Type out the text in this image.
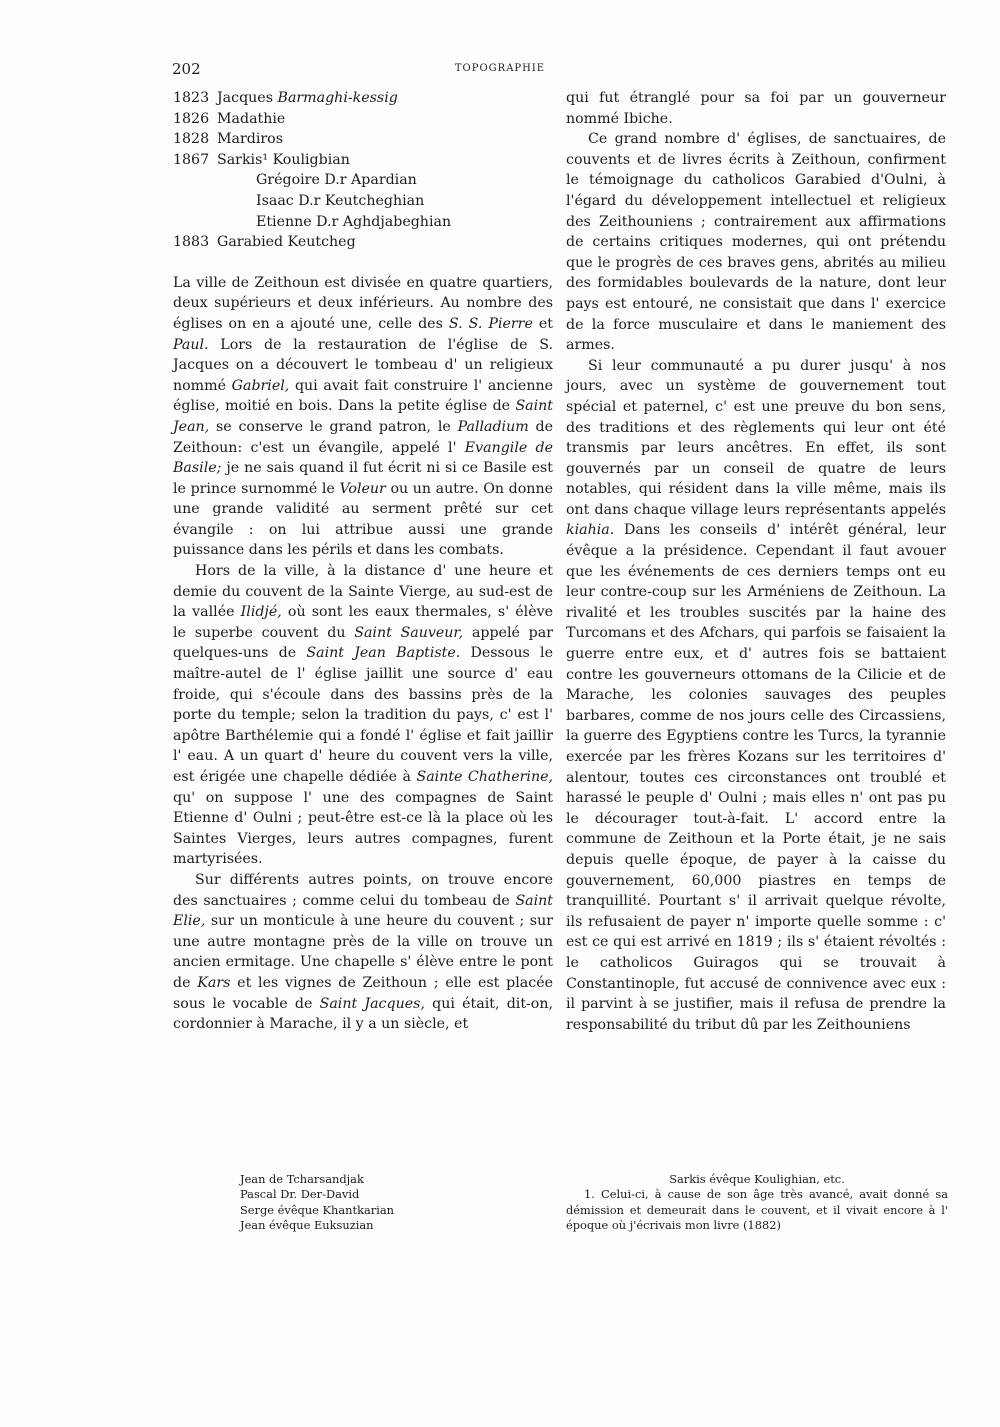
202	TOPOGRAPHIE
1823 Jacques Barmaghi-kessig
1826 Madathie
1828 Mardiros
1867 Sarkis¹ Kouligbian
Grégoire D.r Apardian
Isaac D.r Keutcheghian
Etienne D.r Aghdjabeghian
1883 Garabied Keutcheg

La ville de Zeithoun est divisée en quatre quartiers, deux supérieurs et deux inférieurs. Au nombre des églises on en a ajouté une, celle des S. S. Pierre et Paul. Lors de la restauration de l'église de S. Jacques on a découvert le tombeau d' un religieux nommé Gabriel, qui avait fait construire l' ancienne église, moitié en bois. Dans la petite église de Saint Jean, se conserve le grand patron, le Palladium de Zeithoun: c'est un évangile, appelé l' Evangile de Basile; je ne sais quand il fut écrit ni si ce Basile est le prince surnommé le Voleur ou un autre. On donne une grande validité au serment prêté sur cet évangile : on lui attribue aussi une grande puissance dans les périls et dans les combats.

Hors de la ville, à la distance d' une heure et demie du couvent de la Sainte Vierge, au sud-est de la vallée Ilidjé, où sont les eaux thermales, s' élève le superbe couvent du Saint Sauveur, appelé par quelques-uns de Saint Jean Baptiste. Dessous le maître-autel de l' église jaillit une source d' eau froide, qui s'écoule dans des bassins près de la porte du temple; selon la tradition du pays, c' est l' apôtre Barthélemie qui a fondé l' église et fait jaillir l' eau. A un quart d' heure du couvent vers la ville, est érigée une chapelle dédiée à Sainte Chatherine, qu' on suppose l' une des compagnes de Saint Etienne d' Oulni ; peut-être est-ce là la place où les Saintes Vierges, leurs autres compagnes, furent martyrisées.

Sur différents autres points, on trouve encore des sanctuaires ; comme celui du tombeau de Saint Elie, sur un monticule à une heure du couvent ; sur une autre montagne près de la ville on trouve un ancien ermitage. Une chapelle s' élève entre le pont de Kars et les vignes de Zeithoun ; elle est placée sous le vocable de Saint Jacques, qui était, dit-on, cordonnier à Marache, il y a un siècle, et

qui fut étranglé pour sa foi par un gouverneur nommé Ibiche.

Ce grand nombre d' églises, de sanctuaires, de couvents et de livres écrits à Zeithoun, confirment le témoignage du catholicos Garabied d'Oulni, à l'égard du développement intellectuel et religieux des Zeithouniens ; contrairement aux affirmations de certains critiques modernes, qui ont prétendu que le progrès de ces braves gens, abrités au milieu des formidables boulevards de la nature, dont leur pays est entouré, ne consistait que dans l' exercice de la force musculaire et dans le maniement des armes.

Si leur communauté a pu durer jusqu' à nos jours, avec un système de gouvernement tout spécial et paternel, c' est une preuve du bon sens, des traditions et des règlements qui leur ont été transmis par leurs ancêtres. En effet, ils sont gouvernés par un conseil de quatre de leurs notables, qui résident dans la ville même, mais ils ont dans chaque village leurs représentants appelés kiahia. Dans les conseils d' intérêt général, leur évêque a la présidence. Cependant il faut avouer que les événements de ces derniers temps ont eu leur contre-coup sur les Arméniens de Zeithoun. La rivalité et les troubles suscités par la haine des Turcomans et des Afchars, qui parfois se faisaient la guerre entre eux, et d' autres fois se battaient contre les gouverneurs ottomans de la Cilicie et de Marache, les colonies sauvages des peuples barbares, comme de nos jours celle des Circassiens, la guerre des Egyptiens contre les Turcs, la tyrannie exercée par les frères Kozans sur les territoires d' alentour, toutes ces circonstances ont troublé et harassé le peuple d' Oulni ; mais elles n' ont pas pu le décourager tout-à-fait. L' accord entre la commune de Zeithoun et la Porte était, je ne sais depuis quelle époque, de payer à la caisse du gouvernement, 60,000 piastres en temps de tranquillité. Pourtant s' il arrivait quelque révolte, ils refusaient de payer n' importe quelle somme : c' est ce qui est arrivé en 1819 ; ils s' étaient révoltés : le catholicos Guiragos qui se trouvait à Constantinople, fut accusé de connivence avec eux : il parvint à se justifier, mais il refusa de prendre la responsabilité du tribut dû par les Zeithouniens

Jean de Tcharsandjak
Pascal Dr. Der-David
Serge évêque Khantkarian
Jean évêque Euksuzian
Sarkis évêque Koulighian, etc.

1. Celui-ci, à cause de son âge très avancé, avait donné sa démission et demeurait dans le couvent, et il vivait encore à l' époque où j'écrivais mon livre (1882)
